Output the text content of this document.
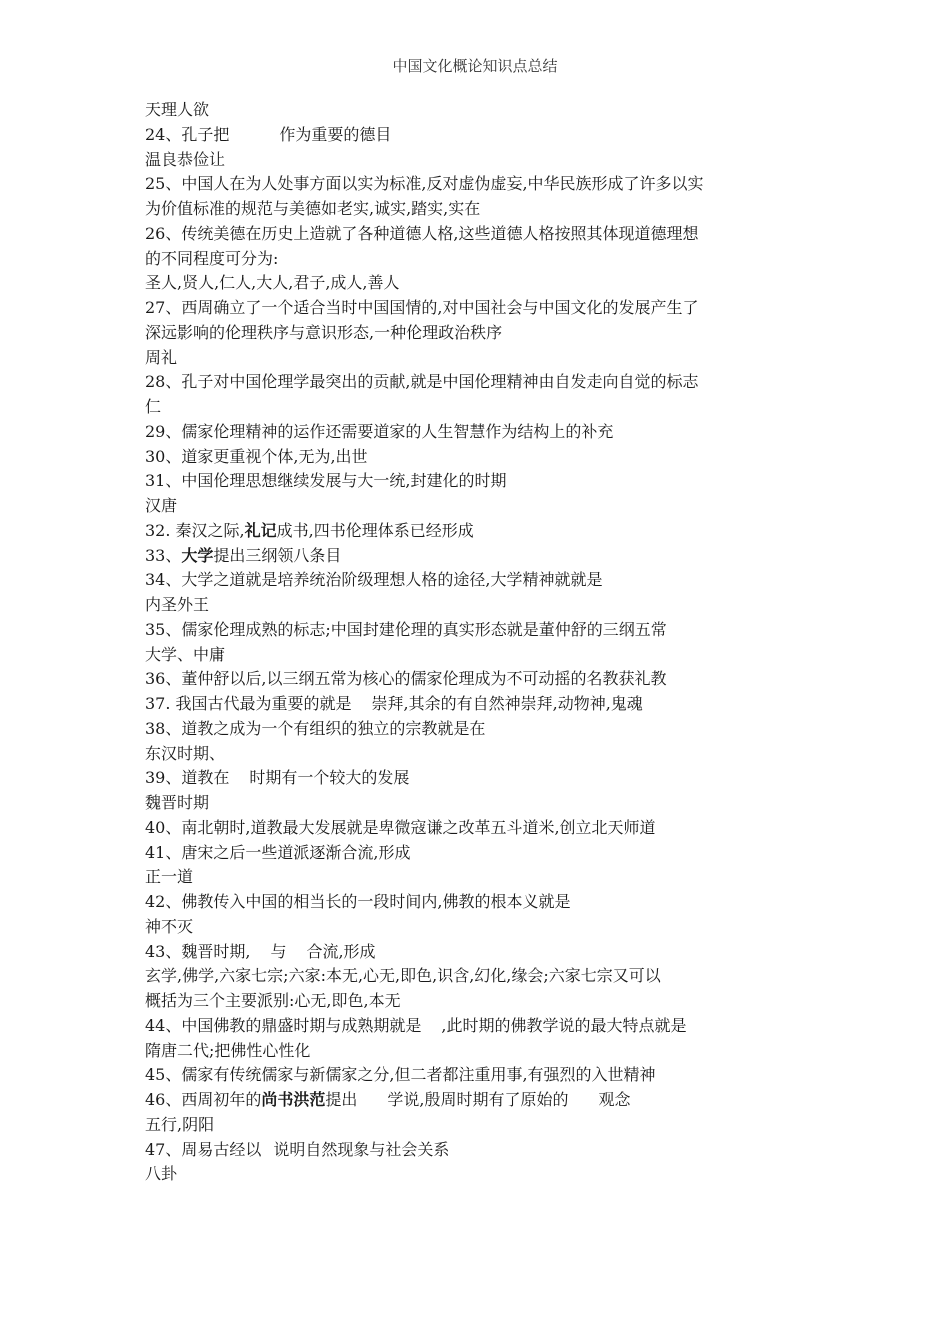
中国文化概论知识点总结
天理人欲
24、孔子把	作为重要的德目
温良恭俭让
25、中国人在为人处事方面以实为标准,反对虚伪虚妄,中华民族形成了许多以实
为价值标准的规范与美德如老实,诚实,踏实,实在
26、传统美德在历史上造就了各种道德人格,这些道德人格按照其体现道德理想
的不同程度可分为:
圣人,贤人,仁人,大人,君子,成人,善人
27、西周确立了一个适合当时中国国情的,对中国社会与中国文化的发展产生了
深远影响的伦理秩序与意识形态,一种伦理政治秩序
周礼
28、孔子对中国伦理学最突出的贡献,就是中国伦理精神由自发走向自觉的标志
仁
29、儒家伦理精神的运作还需要道家的人生智慧作为结构上的补充
30、道家更重视个体,无为,出世
31、中国伦理思想继续发展与大一统,封建化的时期
汉唐
32. 秦汉之际,礼记成书,四书伦理体系已经形成
33、大学提出三纲领八条目
34、大学之道就是培养统治阶级理想人格的途径,大学精神就就是
内圣外王
35、儒家伦理成熟的标志;中国封建伦理的真实形态就是董仲舒的三纲五常
大学、中庸
36、董仲舒以后,以三纲五常为核心的儒家伦理成为不可动摇的名教获礼教
37. 我国古代最为重要的就是 崇拜,其余的有自然神崇拜,动物神,鬼魂
38、道教之成为一个有组织的独立的宗教就是在
东汉时期、
39、道教在 时期有一个较大的发展
魏晋时期
40、南北朝时,道教最大发展就是卑微寇谦之改革五斗道米,创立北天师道
41、唐宋之后一些道派逐渐合流,形成
正一道
42、佛教传入中国的相当长的一段时间内,佛教的根本义就是
神不灭
43、魏晋时期, 与 合流,形成
玄学,佛学,六家七宗;六家:本无,心无,即色,识含,幻化,缘会;六家七宗又可以
概括为三个主要派别:心无,即色,本无
44、中国佛教的鼎盛时期与成熟期就是 ,此时期的佛教学说的最大特点就是
隋唐二代;把佛性心性化
45、儒家有传统儒家与新儒家之分,但二者都注重用事,有强烈的入世精神
46、西周初年的尚书洪范提出 学说,殷周时期有了原始的 观念
五行,阴阳
47、周易古经以 说明自然现象与社会关系
八卦
